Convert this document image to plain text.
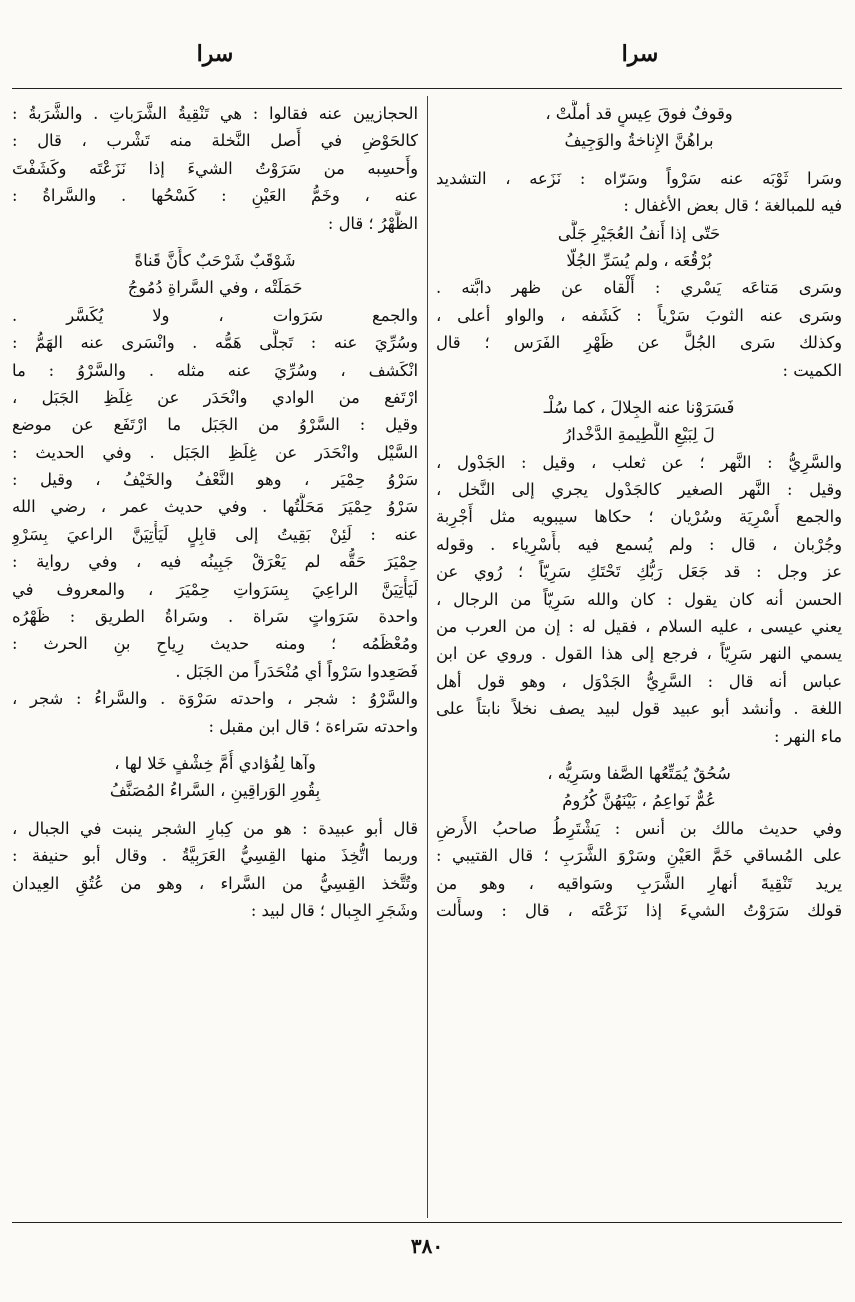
سرا
سرا
وقوفٌ فوقَ عِيسٍ قد أملَّتْ ،
براهُنَّ الإِناخةُ والوَجِيفُ
وسَرا ثَوْبَه عنه سَرْواً وسَرّاه : نَزَعه ، التشديد
فيه للمبالغة ؛ قال بعض الأغفال :
حَتّى إذا أَنفُ العُجَيْرِ جَلَّى
بُرْقُعَه ، ولم يُسَرِّ الجُلّا
وسَرى مَتاعَه يَسْري : أَلْقاه عن ظهر دابَّته .
وسَرى عنه الثوبَ سَرْياً : كَشَفه ، والواو أعلى ،
وكذلك سَرى الجُلَّ عن ظَهْرِ الفَرَس ؛ قال
الكميت :
فَسَرَوْنا عنه الجِلالَ ، كما سُلْـ
لَ لِبَيْعِ اللَّطِيمةِ الدَّخْدارُ
والسَّرِيُّ : النَّهر ؛ عن ثعلب ، وقيل : الجَدْول ،
وقيل : النَّهر الصغير كالجَدْول يجري إلى النَّخل ،
والجمع أَسْرِيَة وسُرْيان ؛ حكاها سيبويه مثل أَجْرِبة
وجُرْبان ، قال : ولم يُسمع فيه بأَسْرِياء . وقوله
عز وجل : قد جَعَل رَبُّكِ تَحْتَكِ سَرِيّاً ؛ رُوي عن
الحسن أنه كان يقول : كان والله سَرِيّاً من الرجال ،
يعني عيسى ، عليه السلام ، فقيل له : إن من العرب من
يسمي النهر سَرِيّاً ، فرجع إلى هذا القول . وروي عن ابن
عباس أنه قال : السَّرِيُّ الجَدْوَل ، وهو قول أهل
اللغة . وأنشد أبو عبيد قول لبيد يصف نخلاً نابتاً على
ماء النهر :
سُحُقٌ يُمَتِّعُها الصَّفا وسَرِيُّه ،
عُمٌّ نَواعِمُ ، بَيْنَهُنَّ كُرُومُ
وفي حديث مالك بن أنس : يَشْتَرِطُ صاحبُ الأَرضِ
على المُساقي خَمَّ العَيْنِ وسَرْوَ الشَّرَبِ ؛ قال القتيبي :
يريد تَنْقِيةَ أنهارِ الشَّرَبِ وسَواقيه ، وهو من
قولك سَرَوْتُ الشيءَ إذا نَزَعْتَه ، قال : وسأَلت
الحجازيين عنه فقالوا : هي تَنْقِيةُ الشَّرَباتِ . والشَّرَبةُ :
كالحَوْضِ في أَصل النَّخلة منه تَشْرب ، قال :
وأَحسِبه من سَرَوْتُ الشيءَ إذا نَزَعْتَه وكَشَفْتَ
عنه ، وخَمُّ العَيْنِ : كَسْحُها . والسَّراةُ :
الظَّهْرُ ؛ قال :
شَوْقَبٌ شَرْحَبٌ كأَنَّ قَناةً
حَمَلَتْه ، وفي السَّراةِ دُمُوجُ
والجمع سَرَوات ، ولا يُكَسَّر .
وسُرِّيَ عنه : تَجلَّى هَمُّه . وانْسَرى عنه الهَمُّ :
انْكَشف ، وسُرِّيَ عنه مثله . والسَّرْوُ : ما
ارْتَفع من الوادي وانْحَدَر عن غِلَظِ الجَبَل ،
وقيل : السَّرْوُ من الجَبَل ما ارْتَفَع عن موضع
السَّيْل وانْحَدَر عن غِلَظِ الجَبَل . وفي الحديث :
سَرْوُ حِمْيَر ، وهو النَّعْفُ والخَيْفُ ، وقيل :
سَرْوُ حِمْيَرَ مَحَلَّتُها . وفي حديث عمر ، رضي الله
عنه : لَئِنْ بَقِيتُ إلى قابِلٍ لَيَأْتِيَنَّ الراعيَ بِسَرْوِ
حِمْيَرَ حَقُّه لم يَعْرَقْ جَبِينُه فيه ، وفي رواية :
لَيَأْتِيَنَّ الراعِيَ بِسَرَواتِ حِمْيَرَ ، والمعروف في
واحدة سَرَواتٍ سَراة . وسَراةُ الطريق : ظَهْرُه
ومُعْظَمُه ؛ ومنه حديث رِياحِ بنِ الحرث :
فَصَعِدوا سَرْواً أي مُنْحَدَراً من الجَبَل .
والسَّرْوُ : شجر ، واحدته سَرْوَة . والسَّراءُ : شجر ،
واحدته سَراءة ؛ قال ابن مقبل :
وآها لِفُؤادي أُمَّ خِشْفٍ خَلا لها ،
بِقُورِ الوَراقِينِ ، السَّراءُ المُصَنَّفُ
قال أبو عبيدة : هو من كِبارِ الشجر ينبت في الجبال ،
وربما اتُّخِذَ منها القِسِيُّ العَرَبِيَّةُ . وقال أبو حنيفة :
وتُتَّخذ القِسِيُّ من السَّراء ، وهو من عُتُقِ العِيدان
وشَجَرِ الجِبال ؛ قال لبيد :
٣٨٠
